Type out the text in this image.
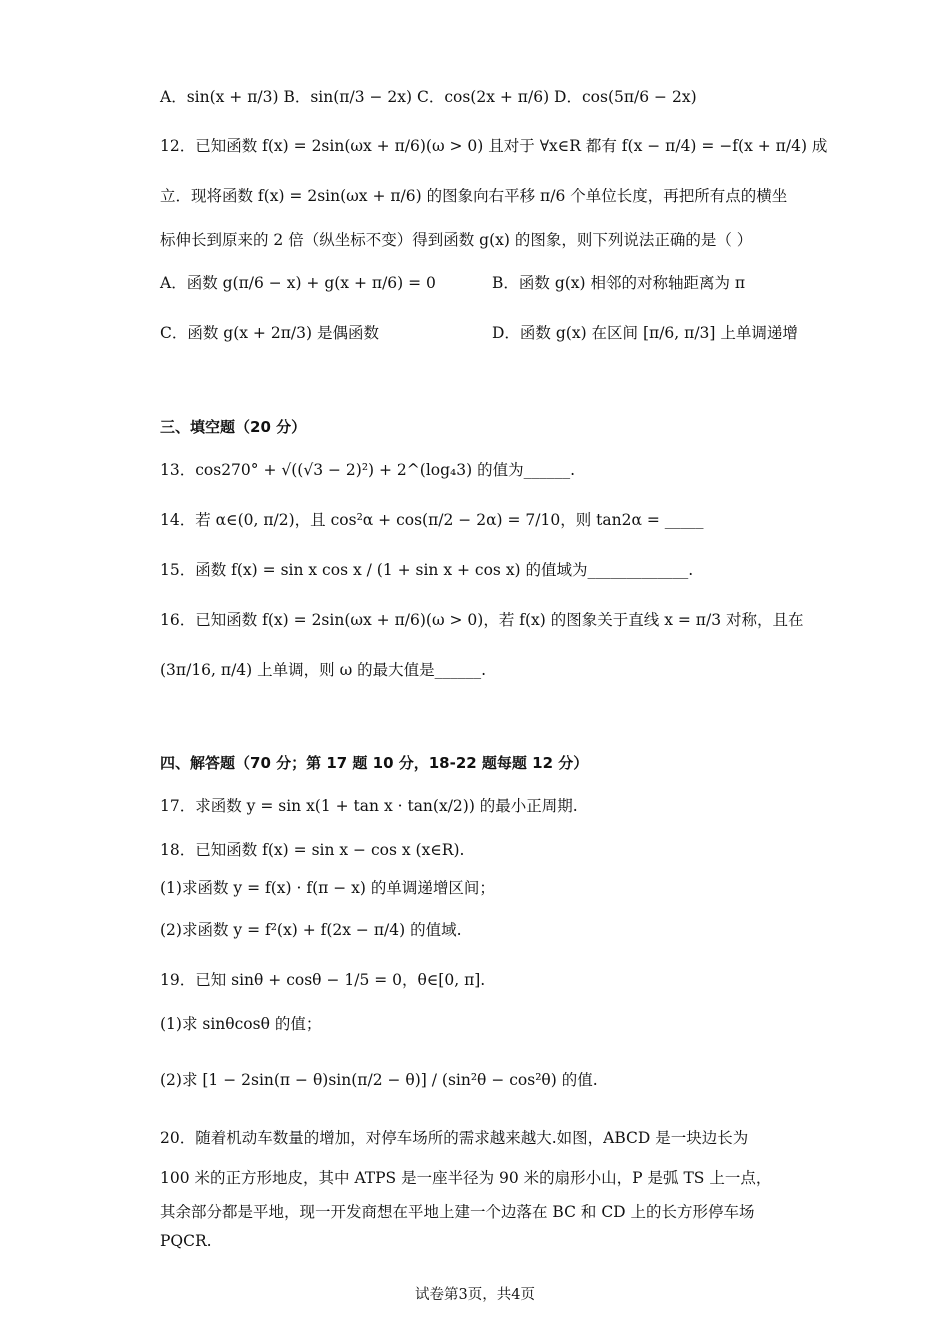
A．sin(x + π/3) B．sin(π/3 − 2x) C．cos(2x + π/6) D．cos(5π/6 − 2x)
12．已知函数 f(x) = 2sin(ωx + π/6)(ω > 0) 且对于 ∀x∈R 都有 f(x − π/4) = −f(x + π/4) 成
立．现将函数 f(x) = 2sin(ωx + π/6) 的图象向右平移 π/6 个单位长度，再把所有点的横坐
标伸长到原来的 2 倍（纵坐标不变）得到函数 g(x) 的图象，则下列说法正确的是（ ）
A．函数 g(π/6 − x) + g(x + π/6) = 0	B．函数 g(x) 相邻的对称轴距离为 π
C．函数 g(x + 2π/3) 是偶函数	D．函数 g(x) 在区间 [π/6, π/3] 上单调递增
三、填空题（20 分）
13．cos270° + √((√3 − 2)²) + 2^(log₄3) 的值为______.
14．若 α∈(0, π/2)，且 cos²α + cos(π/2 − 2α) = 7/10，则 tan2α = _____
15．函数 f(x) = sin x cos x / (1 + sin x + cos x) 的值域为_____________.
16．已知函数 f(x) = 2sin(ωx + π/6)(ω > 0)，若 f(x) 的图象关于直线 x = π/3 对称，且在
(3π/16, π/4) 上单调，则 ω 的最大值是______.
四、解答题（70 分；第 17 题 10 分，18-22 题每题 12 分）
17．求函数 y = sin x(1 + tan x · tan(x/2)) 的最小正周期.
18．已知函数 f(x) = sin x − cos x (x∈R).
(1)求函数 y = f(x) · f(π − x) 的单调递增区间；
(2)求函数 y = f²(x) + f(2x − π/4) 的值域.
19．已知 sinθ + cosθ − 1/5 = 0，θ∈[0, π].
(1)求 sinθcosθ 的值；
(2)求 [1 − 2sin(π − θ)sin(π/2 − θ)] / (sin²θ − cos²θ) 的值.
20．随着机动车数量的增加，对停车场所的需求越来越大.如图，ABCD 是一块边长为
100 米的正方形地皮，其中 ATPS 是一座半径为 90 米的扇形小山，P 是弧 TS 上一点，
其余部分都是平地，现一开发商想在平地上建一个边落在 BC 和 CD 上的长方形停车场
PQCR.
试卷第3页，共4页
